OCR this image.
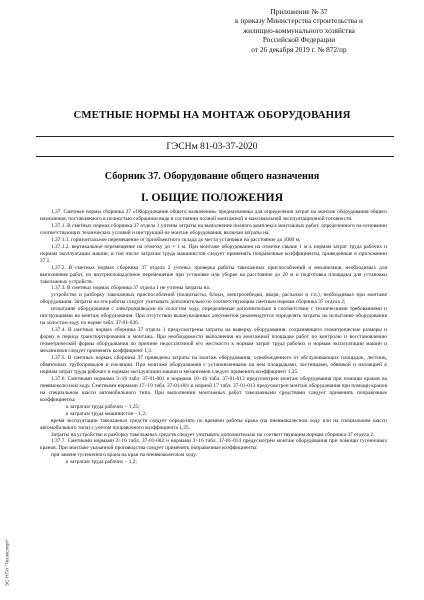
Приложение № 37
к приказу Министерства строительства и
жилищно-коммунального хозяйства
Российской Федерации
от 26 декабря 2019 г. № 872/пр
СМЕТНЫЕ НОРМЫ НА МОНТАЖ ОБОРУДОВАНИЯ
ГЭСНм 81-03-37-2020
Сборник 37. Оборудование общего назначения
I. ОБЩИЕ ПОЛОЖЕНИЯ

1.37. Сметные нормы сборника 37 «Оборудование общего назначения» предназначены для определения затрат на монтаж оборудования общего назначения, поставляемого в полностью собранном виде в состоянии полной монтажной и максимальной эксплуатационной готовности.

1.37.1. В сметных нормах сборника 37 отдела 1 учтены затраты на выполнение полного комплекса монтажных работ, определенного на основании соответствующих технических условий и инструкций на монтаж оборудования, включая затраты на:

1.37.1.1. горизонтальное перемещение от приобъектного склада до места установки на расстояние до 1000 м;

1.37.1.2. вертикальное перемещение на отметку до + 1 м. При монтаже оборудования на отметке свыше 1 м к нормам затрат труда рабочих и нормам эксплуатации машин, в том числе затратам труда машинистов следует применять поправочные коэффициенты, приведенные в приложении 37.1.

1.37.2. В сметных нормах сборника 37 отдела 2 учтены: проверка работы такелажных приспособлений и механизмов, необходимых для выполнения работ, их внутриплощадочное перемещение при установке или уборке на расстояние до 20 м и подготовка площадки для установки такелажных устройств.

1.37.3. В сметных нормах сборника 37 отдела 1 не учтены затраты на:

устройство и разборку такелажных приспособлений (полиспасты, блоки, электролебедки, якоря, расчалки и т.п.), необходимых при монтаже оборудования. Затраты на эти работы следует учитывать дополнительно по соответствующим сметным нормам сборника 37 отдела 2;

испытание оборудования с электроприводом на холостом ходу, определяемые дополнительно в соответствии с техническими требованиями и инструкциями на монтаж оборудования. При отсутствии вышеуказанных документов рекомендуется определять затраты на испытание оборудования на холостом ходу по норме табл. 37-01-036.

1.37.4. В сметных нормах сборника 37 отдела 1 предусмотрены затраты на выверку оборудования, сохраняющего геометрические размеры и форму в период транспортирования и монтажа. При необходимости выполнения на монтажной площадке работ по контролю и восстановлению геометрической формы оборудования по причине недостаточной его жесткости к нормам затрат труда рабочих и нормам эксплуатации машин и механизмов следует применять коэффициент 1,3.

1.37.5. В сметных нормах сборника 37 приведены затраты на монтаж оборудования, освобожденного от обслуживающих площадок, лестниц, обвязочных трубопроводов и изоляции. При монтаже оборудования с установленными на нем площадками, лестницами, обвязкой и изоляцией к нормам затрат труда рабочих и нормам эксплуатации машин и механизмов следует применять коэффициент 1,25.

1.37.6. Сметными нормами 3÷16 табл. 37-01-001 и нормами 10÷16 табл. 37-01-013 предусмотрен монтаж оборудования при помощи кранов на пневмоколесном ходу. Сметными нормами 17÷19 табл. 37-01-001 и нормой 17 табл. 37-01-013 предусмотрен монтаж оборудования при помощи кранов на специальном шасси автомобильного типа. При выполнении монтажных работ такелажными средствами следует применять поправочные коэффициенты:

к затратам труда рабочих – 1,25;

к затратам труда машинистов – 1,2;

время эксплуатации такелажных средств следует определять по времени работы крана (на пневмоколесном ходу или на специальном шасси автомобильного типа) с учетом поправочного коэффициента 1,25.

Затраты на устройство и разборку такелажных средств следует учитывать дополнительно по соответствующим нормам сборника 37 отдела 2.

1.37.7. Сметными нормами 3÷16 табл. 37-01-002 и нормами 3÷16 табл. 37-01-014 предусмотрен монтаж оборудования при помощи гусеничных кранов. При монтаже указанной производства следует применять поправочные коэффициенты:

при замене гусеничного крана на кран на пневмоколесном ходу:

к затратам труда рабочих – 1,2;

ЭС НТИ "Техэксперт"
